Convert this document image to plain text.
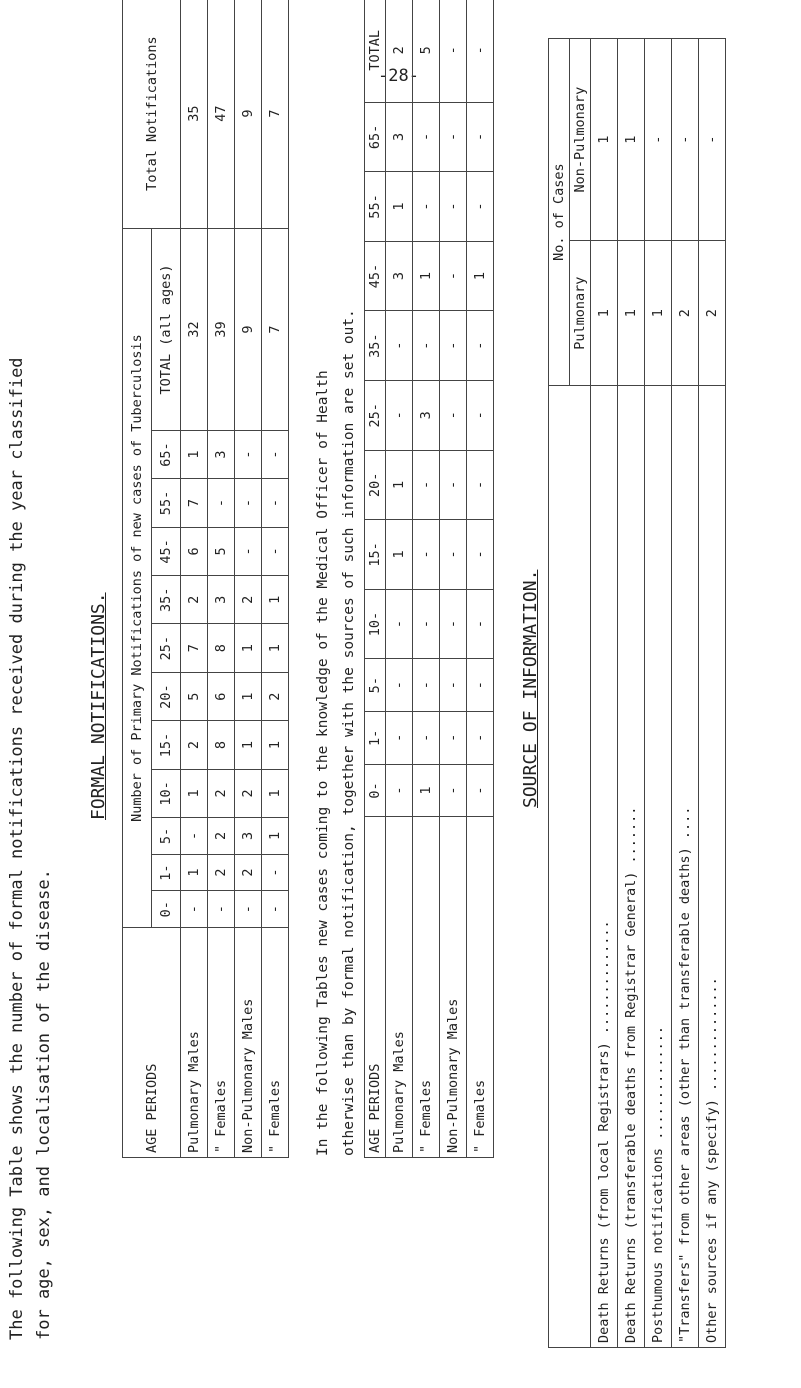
-28-
The following Table shows the number of formal notifications received during the year classified for age, sex, and localisation of the disease.
FORMAL NOTIFICATIONS.
AGE PERIODS	Number of Primary Notifications of new cases of Tuberculosis												Total Notifications
	0-	1-	5-	10-	15-	20-	25-	35-	45-	55-	65-	TOTAL (all ages)	
Pulmonary Males	-	1	-	1	2	5	7	2	6	7	1	32	35
" Females	-	2	2	2	8	6	8	3	5	-	3	39	47
Non-Pulmonary Males	-	2	3	2	1	1	1	2	-	-	-	9	9
" Females	-	-	1	1	1	2	1	1	-	-	-	7	7
In the following Tables new cases coming to the knowledge of the Medical Officer of Health otherwise than by formal notification, together with the sources of such information are set out. AGE PERIODS	0-	1-	5-	10-	15-	20-	25-	35-	45-	55-	65-	TOTAL
Pulmonary Males	-	-	-	-	1	1	-	-	3	1	3	2
" Females	1	-	-	-	-	-	3	-	1	-	-	5
Non-Pulmonary Males	-	-	-	-	-	-	-	-	-	-	-	-
" Females	-	-	-	-	-	-	-	-	1	-	-	-
SOURCE OF INFORMATION.
	No. of Cases	
	Pulmonary	Non-Pulmonary
Death Returns (from local Registrars) ..............	1	1
Death Returns (transferable deaths from Registrar General) .......	1	1
Posthumous notifications ..............	1	-
"Transfers" from other areas (other than transferable deaths) ....	2	-
Other sources if any (specify) ..............	2	-
